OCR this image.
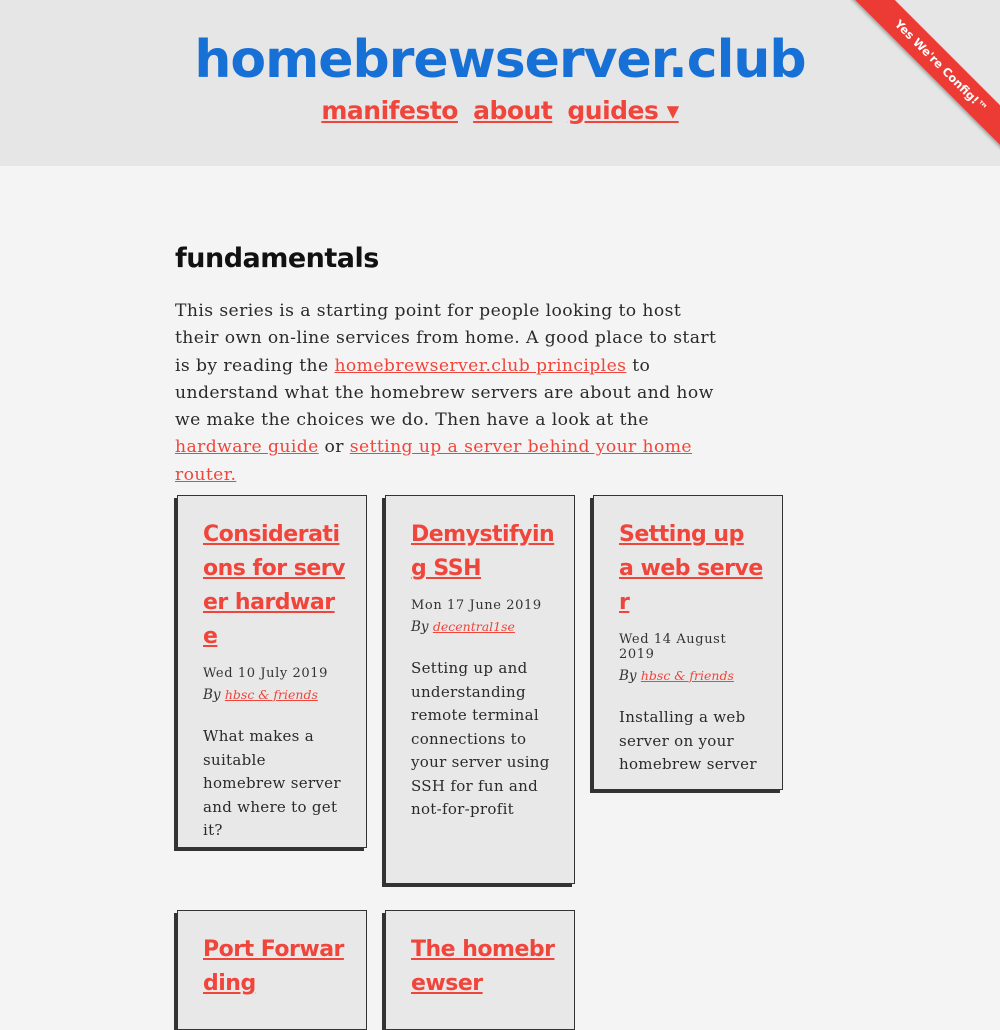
homebrewserver.club
manifesto about guides ▾	Yes We're Config!™
fundamentals

This series is a starting point for people looking to host their own on-line services from home. A good place to start is by reading the homebrewserver.club principles to understand what the homebrew servers are about and how we make the choices we do. Then have a look at the hardware guide or setting up a server behind your home router.

Considerations for server hardware
Wed 10 July 2019
By hbsc & friends
What makes a suitable homebrew server and where to get it?
Demystifying SSH
Mon 17 June 2019
By decentral1se
Setting up and understanding remote terminal connections to your server using SSH for fun and not-for-profit
Setting up a web server
Wed 14 August 2019
By hbsc & friends
Installing a web server on your homebrew server
Port Forwarding
The homebrewser
